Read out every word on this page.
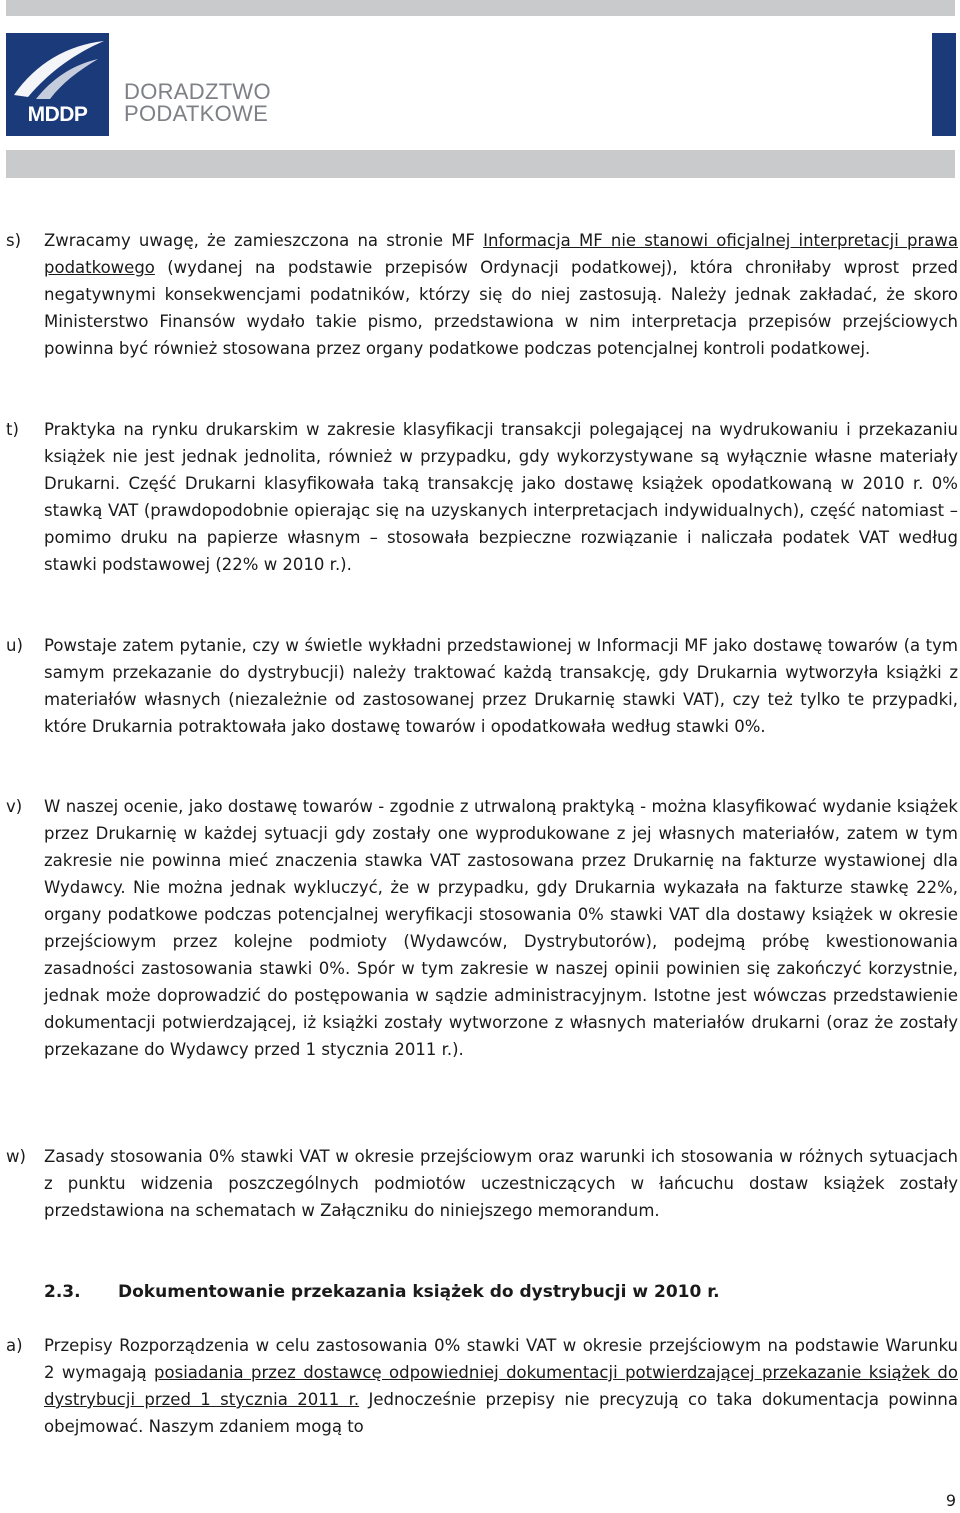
MDDP
DORADZTWO
PODATKOWE
s) Zwracamy uwagę, że zamieszczona na stronie MF Informacja MF nie stanowi oficjalnej interpretacji prawa podatkowego (wydanej na podstawie przepisów Ordynacji podatkowej), która chroniłaby wprost przed negatywnymi konsekwencjami podatników, którzy się do niej zastosują. Należy jednak zakładać, że skoro Ministerstwo Finansów wydało takie pismo, przedstawiona w nim interpretacja przepisów przejściowych powinna być również stosowana przez organy podatkowe podczas potencjalnej kontroli podatkowej.

t) Praktyka na rynku drukarskim w zakresie klasyfikacji transakcji polegającej na wydrukowaniu i przekazaniu książek nie jest jednak jednolita, również w przypadku, gdy wykorzystywane są wyłącznie własne materiały Drukarni. Część Drukarni klasyfikowała taką transakcję jako dostawę książek opodatkowaną w 2010 r. 0% stawką VAT (prawdopodobnie opierając się na uzyskanych interpretacjach indywidualnych), część natomiast – pomimo druku na papierze własnym – stosowała bezpieczne rozwiązanie i naliczała podatek VAT według stawki podstawowej (22% w 2010 r.).

u) Powstaje zatem pytanie, czy w świetle wykładni przedstawionej w Informacji MF jako dostawę towarów (a tym samym przekazanie do dystrybucji) należy traktować każdą transakcję, gdy Drukarnia wytworzyła książki z materiałów własnych (niezależnie od zastosowanej przez Drukarnię stawki VAT), czy też tylko te przypadki, które Drukarnia potraktowała jako dostawę towarów i opodatkowała według stawki 0%.

v) W naszej ocenie, jako dostawę towarów - zgodnie z utrwaloną praktyką - można klasyfikować wydanie książek przez Drukarnię w każdej sytuacji gdy zostały one wyprodukowane z jej własnych materiałów, zatem w tym zakresie nie powinna mieć znaczenia stawka VAT zastosowana przez Drukarnię na fakturze wystawionej dla Wydawcy. Nie można jednak wykluczyć, że w przypadku, gdy Drukarnia wykazała na fakturze stawkę 22%, organy podatkowe podczas potencjalnej weryfikacji stosowania 0% stawki VAT dla dostawy książek w okresie przejściowym przez kolejne podmioty (Wydawców, Dystrybutorów), podejmą próbę kwestionowania zasadności zastosowania stawki 0%. Spór w tym zakresie w naszej opinii powinien się zakończyć korzystnie, jednak może doprowadzić do postępowania w sądzie administracyjnym. Istotne jest wówczas przedstawienie dokumentacji potwierdzającej, iż książki zostały wytworzone z własnych materiałów drukarni (oraz że zostały przekazane do Wydawcy przed 1 stycznia 2011 r.).

w) Zasady stosowania 0% stawki VAT w okresie przejściowym oraz warunki ich stosowania w różnych sytuacjach z punktu widzenia poszczególnych podmiotów uczestniczących w łańcuchu dostaw książek zostały przedstawiona na schematach w Załączniku do niniejszego memorandum.

2.3. Dokumentowanie przekazania książek do dystrybucji w 2010 r.
a) Przepisy Rozporządzenia w celu zastosowania 0% stawki VAT w okresie przejściowym na podstawie Warunku 2 wymagają posiadania przez dostawcę odpowiedniej dokumentacji potwierdzającej przekazanie książek do dystrybucji przed 1 stycznia 2011 r. Jednocześnie przepisy nie precyzują co taka dokumentacja powinna obejmować. Naszym zdaniem mogą to

9
